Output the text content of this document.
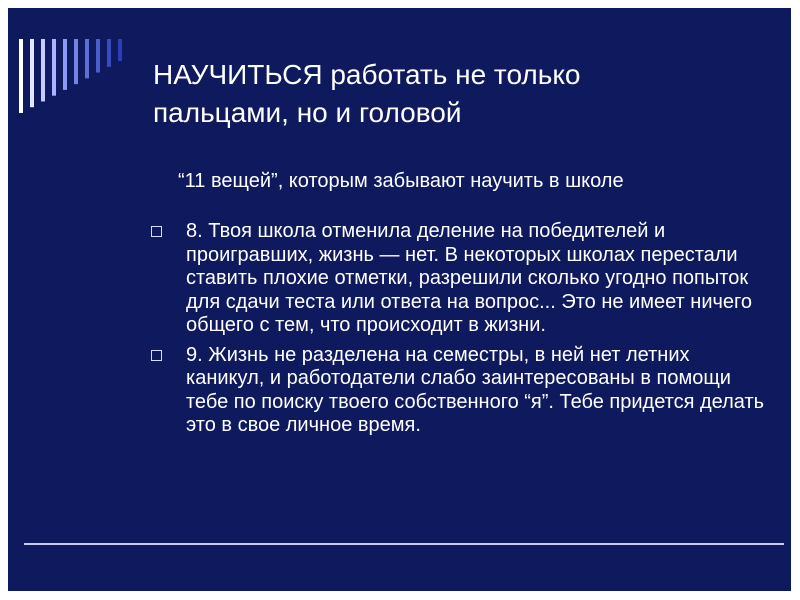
НАУЧИТЬСЯ работать не только
пальцами, но и головой
“11 вещей”, которым забывают научить в школе
8. Твоя школа отменила деление на победителей и проигравших, жизнь — нет. В некоторых школах перестали ставить плохие отметки, разрешили сколько угодно попыток для сдачи теста или ответа на вопрос... Это не имеет ничего общего с тем, что происходит в жизни.
9. Жизнь не разделена на семестры, в ней нет летних каникул, и работодатели слабо заинтересованы в помощи тебе по поиску твоего собственного “я”. Тебе придется делать это в свое личное время.
